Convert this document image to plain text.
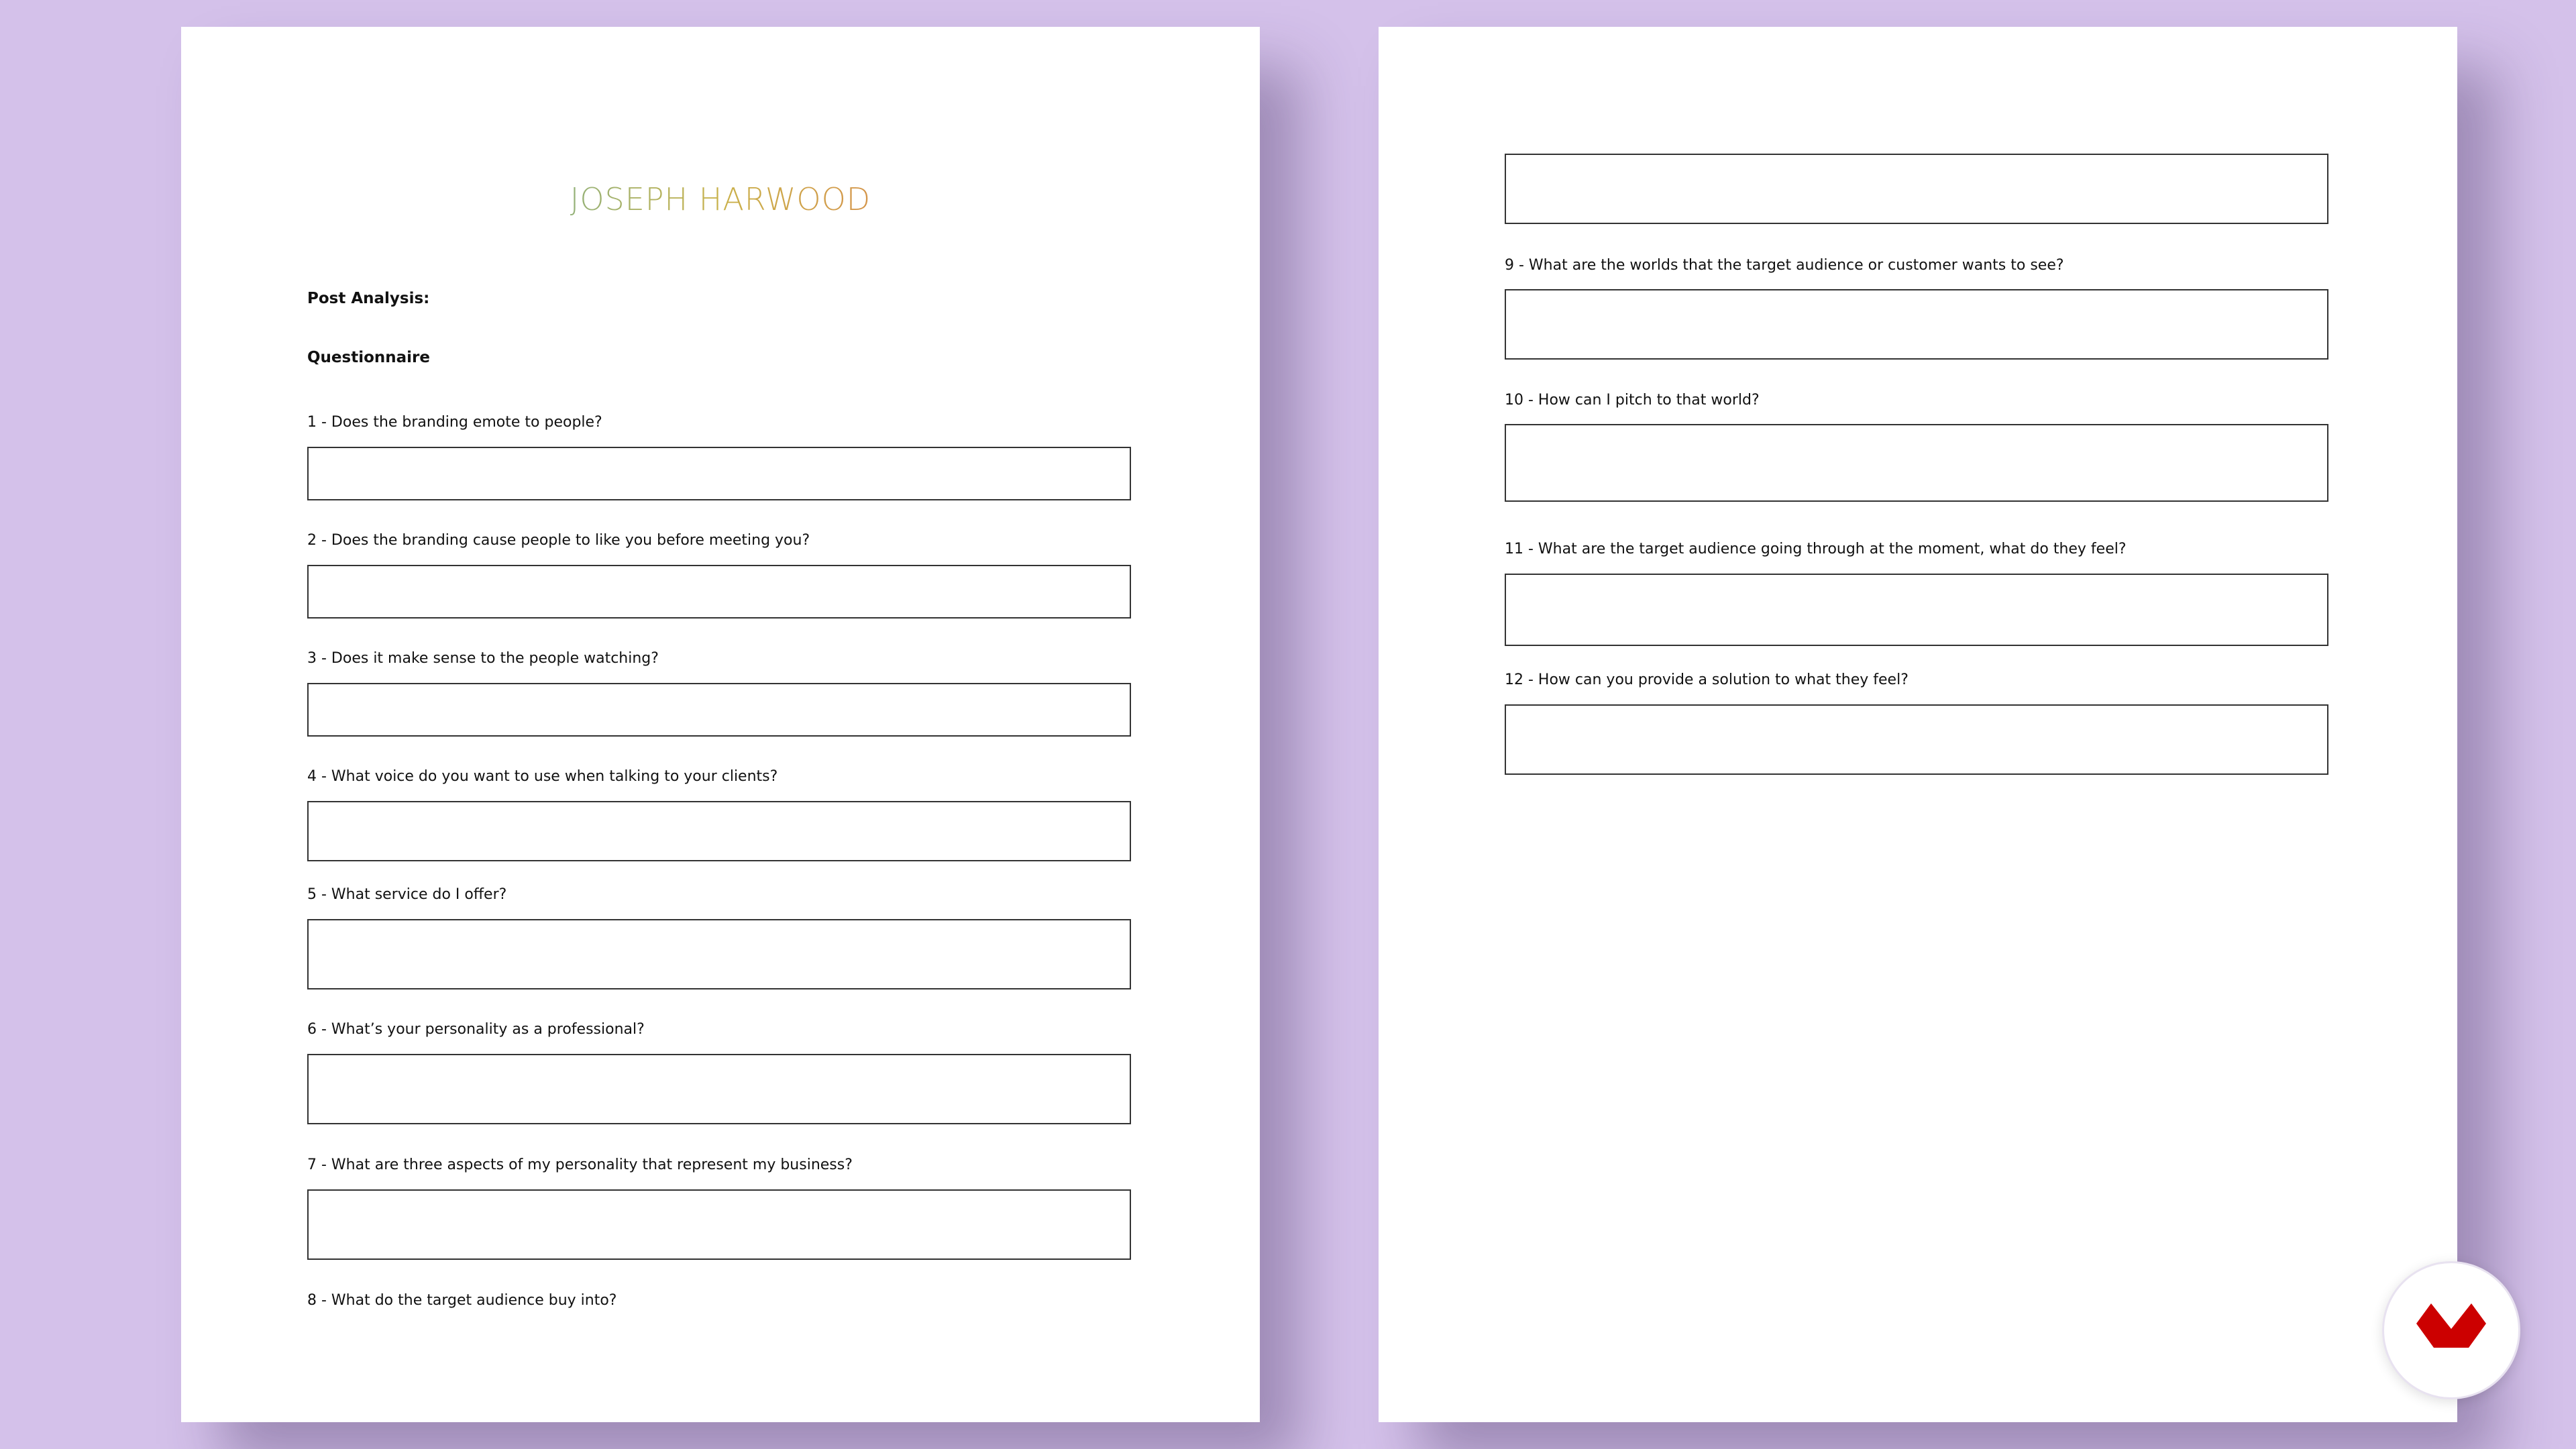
JOSEPH HARWOOD
Post Analysis:
Questionnaire
1 - Does the branding emote to people?
2 - Does the branding cause people to like you before meeting you?
3 - Does it make sense to the people watching?
4 - What voice do you want to use when talking to your clients?
5 - What service do I offer?
6 - What’s your personality as a professional?
7 - What are three aspects of my personality that represent my business?
8 - What do the target audience buy into?
9 - What are the worlds that the target audience or customer wants to see?
10 - How can I pitch to that world?
11 - What are the target audience going through at the moment, what do they feel?
12 - How can you provide a solution to what they feel?
